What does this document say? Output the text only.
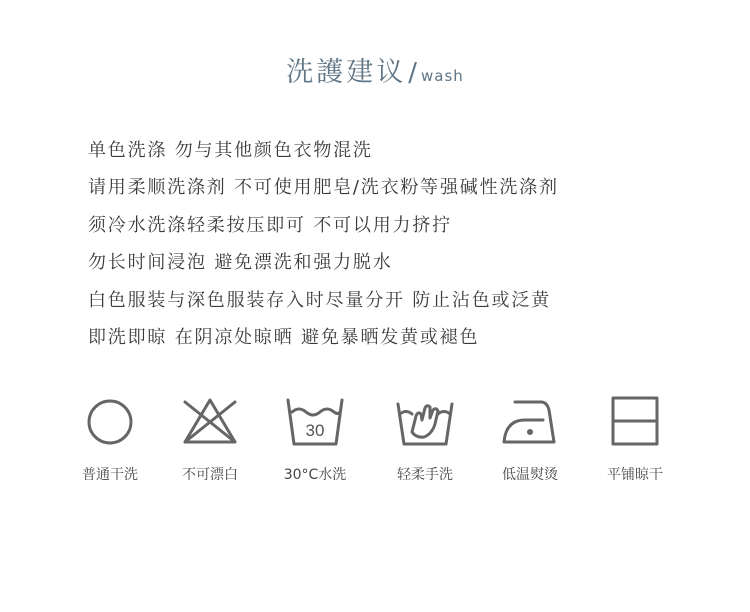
洗護建议/ wash
单色洗涤 勿与其他颜色衣物混洗
请用柔顺洗涤剂 不可使用肥皂/洗衣粉等强碱性洗涤剂
须冷水洗涤轻柔按压即可 不可以用力挤拧
勿长时间浸泡 避免漂洗和强力脱水
白色服装与深色服装存入时尽量分开 防止沾色或泛黄
即洗即晾 在阴凉处晾晒 避免暴晒发黄或褪色
普通干洗	不可漂白
30
30°C水洗	轻柔手洗	低温熨烫	平铺晾干
